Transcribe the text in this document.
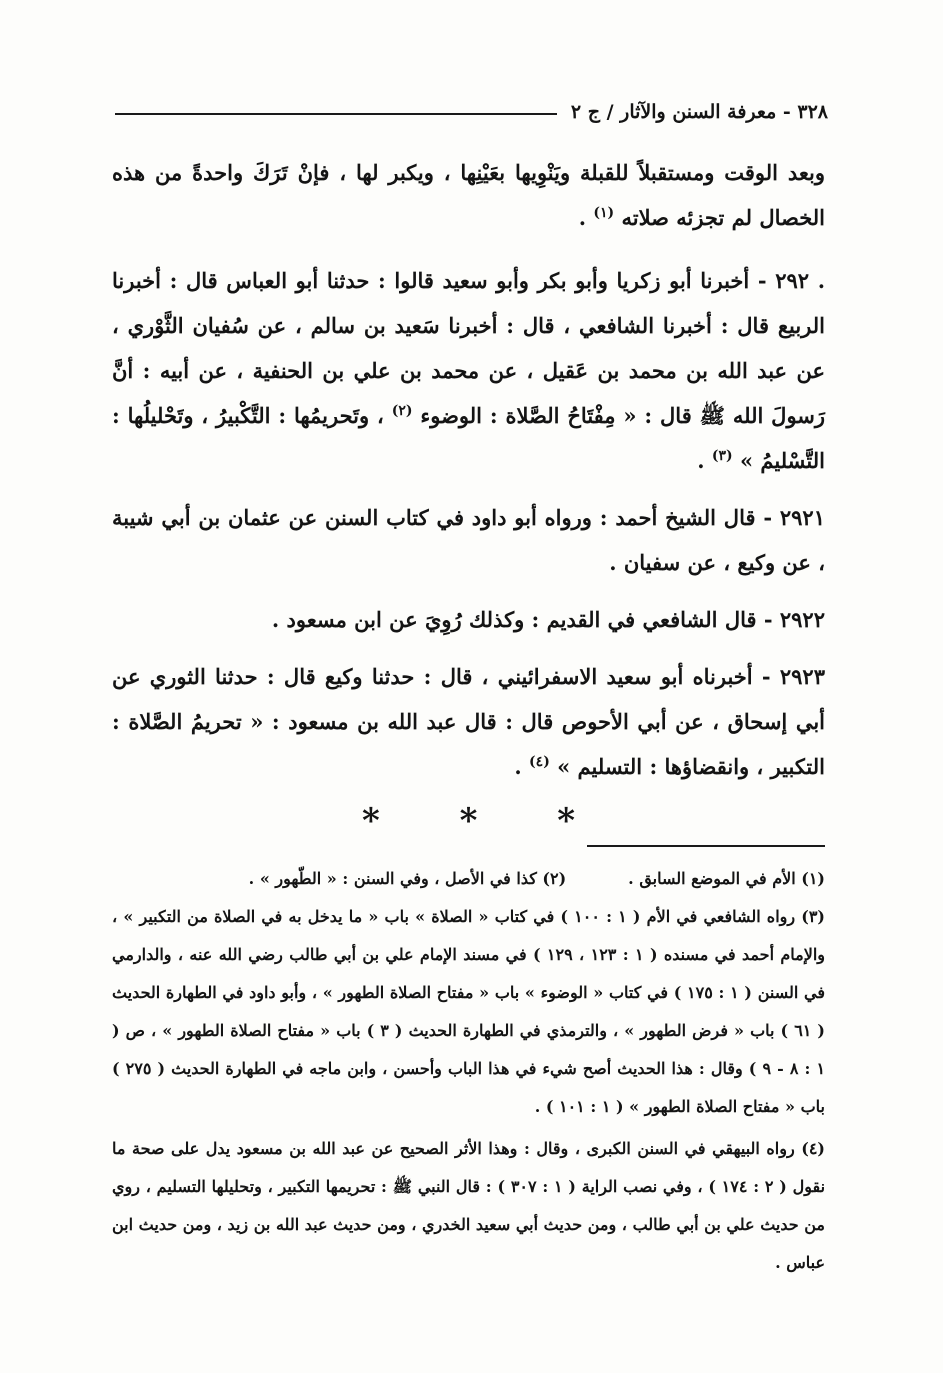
٣٢٨ - معرفة السنن والآثار / ج ٢

وبعد الوقت ومستقبلاً للقبلة ويَنْوِيها بعَيْنِها ، ويكبر لها ، فإنْ تَرَكَ واحدةً من هذه الخصال لم تجزئه صلاته $^{(١)}$ .

. ٢٩٢ - أخبرنا أبو زكريا وأبو بكر وأبو سعيد قالوا : حدثنا أبو العباس قال : أخبرنا الربيع قال : أخبرنا الشافعي ، قال : أخبرنا سَعيد بن سالم ، عن سُفيان الثَّوْري ، عن عبد الله بن محمد بن عَقيل ، عن محمد بن علي بن الحنفية ، عن أبيه : أنَّ رَسولَ الله ﷺ قال : « مِفْتَاحُ الصَّلاة : الوضوء $^{(٢)}$ ، وتَحريمُها : التَّكْبيرُ ، وتَحْليلُها : التَّسْليمُ » $^{(٣)}$ .

٢٩٢١ - قال الشيخ أحمد : ورواه أبو داود في كتاب السنن عن عثمان بن أبي شيبة ، عن وكيع ، عن سفيان .

٢٩٢٢ - قال الشافعي في القديم : وكذلك رُوِيَ عن ابن مسعود .

٢٩٢٣ - أخبرناه أبو سعيد الاسفرائيني ، قال : حدثنا وكيع قال : حدثنا الثوري عن أبي إسحاق ، عن أبي الأحوص قال : قال عبد الله بن مسعود : « تحريمُ الصَّلاة : التكبير ، وانقضاؤها : التسليم » $^{(٤)}$ .

* * *
(١) الأم في الموضع السابق .
(٢) كذا في الأصل ، وفي السنن : « الطّهور » .

(٣) رواه الشافعي في الأم ( ١ : ١٠٠ ) في كتاب « الصلاة » باب « ما يدخل به في الصلاة من التكبير » ، والإمام أحمد في مسنده ( ١ : ١٢٣ ، ١٢٩ ) في مسند الإمام علي بن أبي طالب رضي الله عنه ، والدارمي في السنن ( ١ : ١٧٥ ) في كتاب « الوضوء » باب « مفتاح الصلاة الطهور » ، وأبو داود في الطهارة الحديث ( ٦١ ) باب « فرض الطهور » ، والترمذي في الطهارة الحديث ( ٣ ) باب « مفتاح الصلاة الطهور » ، ص ( ١ : ٨ - ٩ ) وقال : هذا الحديث أصح شيء في هذا الباب وأحسن ، وابن ماجه في الطهارة الحديث ( ٢٧٥ ) باب « مفتاح الصلاة الطهور » ( ١ : ١٠١ ) .

(٤) رواه البيهقي في السنن الكبرى ، وقال : وهذا الأثر الصحيح عن عبد الله بن مسعود يدل على صحة ما نقول ( ٢ : ١٧٤ ) ، وفي نصب الراية ( ١ : ٣٠٧ ) : قال النبي ﷺ : تحريمها التكبير ، وتحليلها التسليم ، روي من حديث علي بن أبي طالب ، ومن حديث أبي سعيد الخدري ، ومن حديث عبد الله بن زيد ، ومن حديث ابن عباس .
